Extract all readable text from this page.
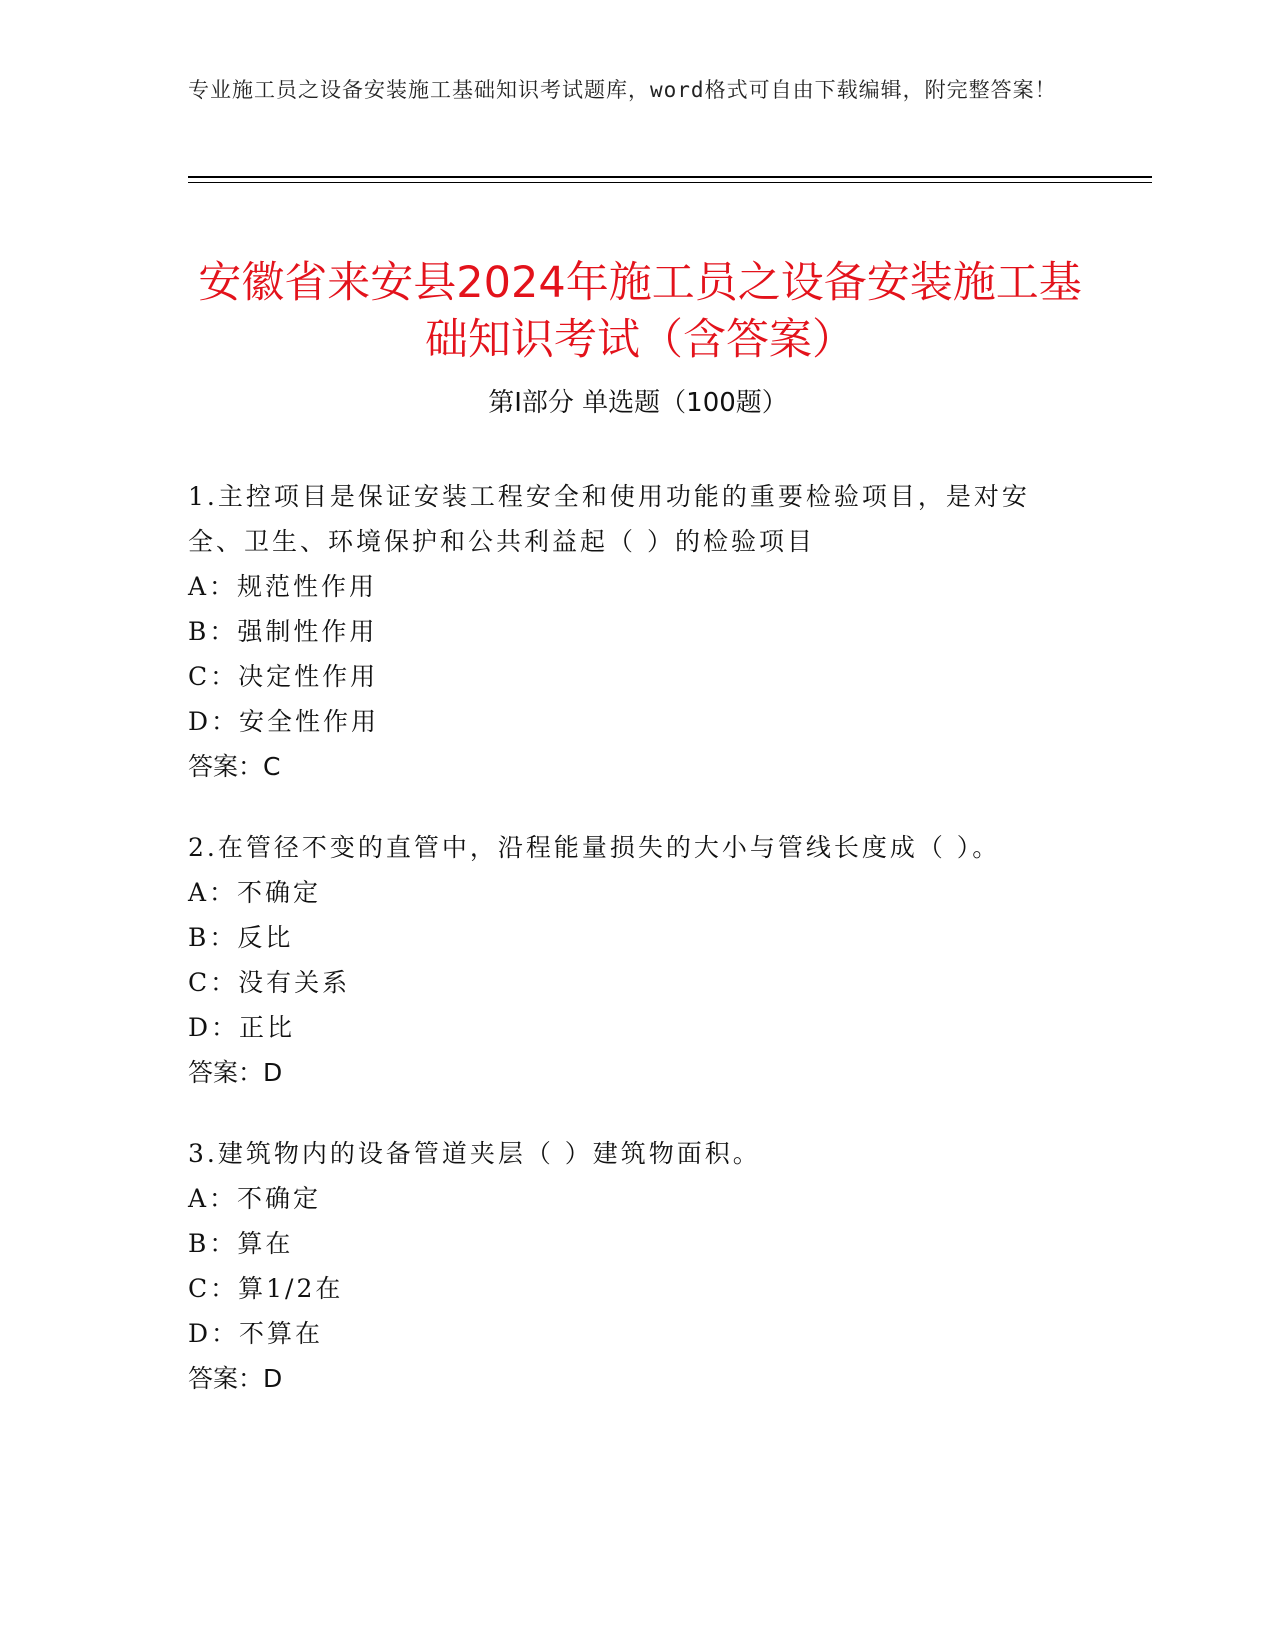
专业施工员之设备安装施工基础知识考试题库，word格式可自由下载编辑，附完整答案！
安徽省来安县2024年施工员之设备安装施工基础知识考试（含答案）
第Ⅰ部分 单选题（100题）

1.主控项目是保证安装工程安全和使用功能的重要检验项目，是对安全、卫生、环境保护和公共利益起（ ）的检验项目

A：规范性作用

B：强制性作用

C：决定性作用

D：安全性作用

答案：C

2.在管径不变的直管中，沿程能量损失的大小与管线长度成（ ）。

A：不确定

B：反比

C：没有关系

D：正比

答案：D

3.建筑物内的设备管道夹层（ ）建筑物面积。

A：不确定

B：算在

C：算1/2在

D：不算在

答案：D
